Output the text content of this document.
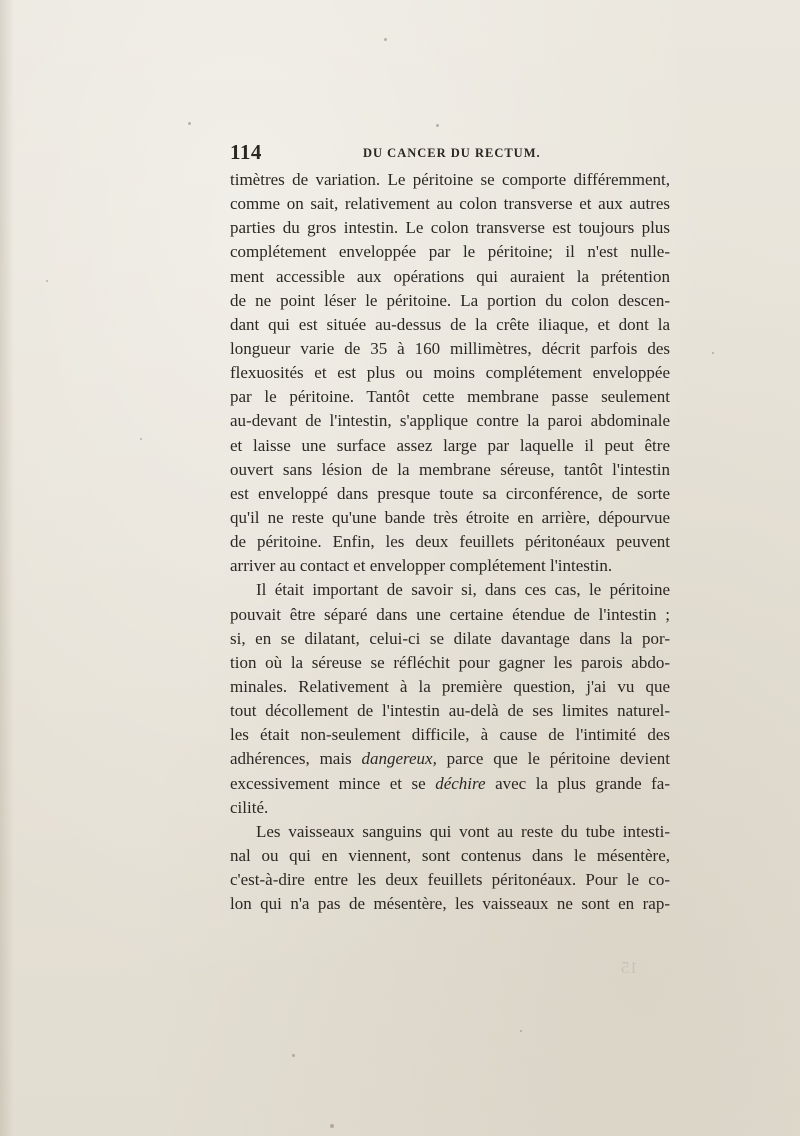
114	DU CANCER DU RECTUM.
timètres de variation. Le péritoine se comporte différemment,
comme on sait, relativement au colon transverse et aux autres
parties du gros intestin. Le colon transverse est toujours plus
complétement enveloppée par le péritoine; il n'est nulle-
ment accessible aux opérations qui auraient la prétention
de ne point léser le péritoine. La portion du colon descen-
dant qui est située au-dessus de la crête iliaque, et dont la
longueur varie de 35 à 160 millimètres, décrit parfois des
flexuosités et est plus ou moins complétement enveloppée
par le péritoine. Tantôt cette membrane passe seulement
au-devant de l'intestin, s'applique contre la paroi abdominale
et laisse une surface assez large par laquelle il peut être
ouvert sans lésion de la membrane séreuse, tantôt l'intestin
est enveloppé dans presque toute sa circonférence, de sorte
qu'il ne reste qu'une bande très étroite en arrière, dépourvue
de péritoine. Enfin, les deux feuillets péritonéaux peuvent
arriver au contact et envelopper complétement l'intestin.
Il était important de savoir si, dans ces cas, le péritoine
pouvait être séparé dans une certaine étendue de l'intestin ;
si, en se dilatant, celui-ci se dilate davantage dans la por-
tion où la séreuse se réfléchit pour gagner les parois abdo-
minales. Relativement à la première question, j'ai vu que
tout décollement de l'intestin au-delà de ses limites naturel-
les était non-seulement difficile, à cause de l'intimité des
adhérences, mais dangereux, parce que le péritoine devient
excessivement mince et se déchire avec la plus grande fa-
cilité.
Les vaisseaux sanguins qui vont au reste du tube intesti-
nal ou qui en viennent, sont contenus dans le mésentère,
c'est-à-dire entre les deux feuillets péritonéaux. Pour le co-
lon qui n'a pas de mésentère, les vaisseaux ne sont en rap-
15
